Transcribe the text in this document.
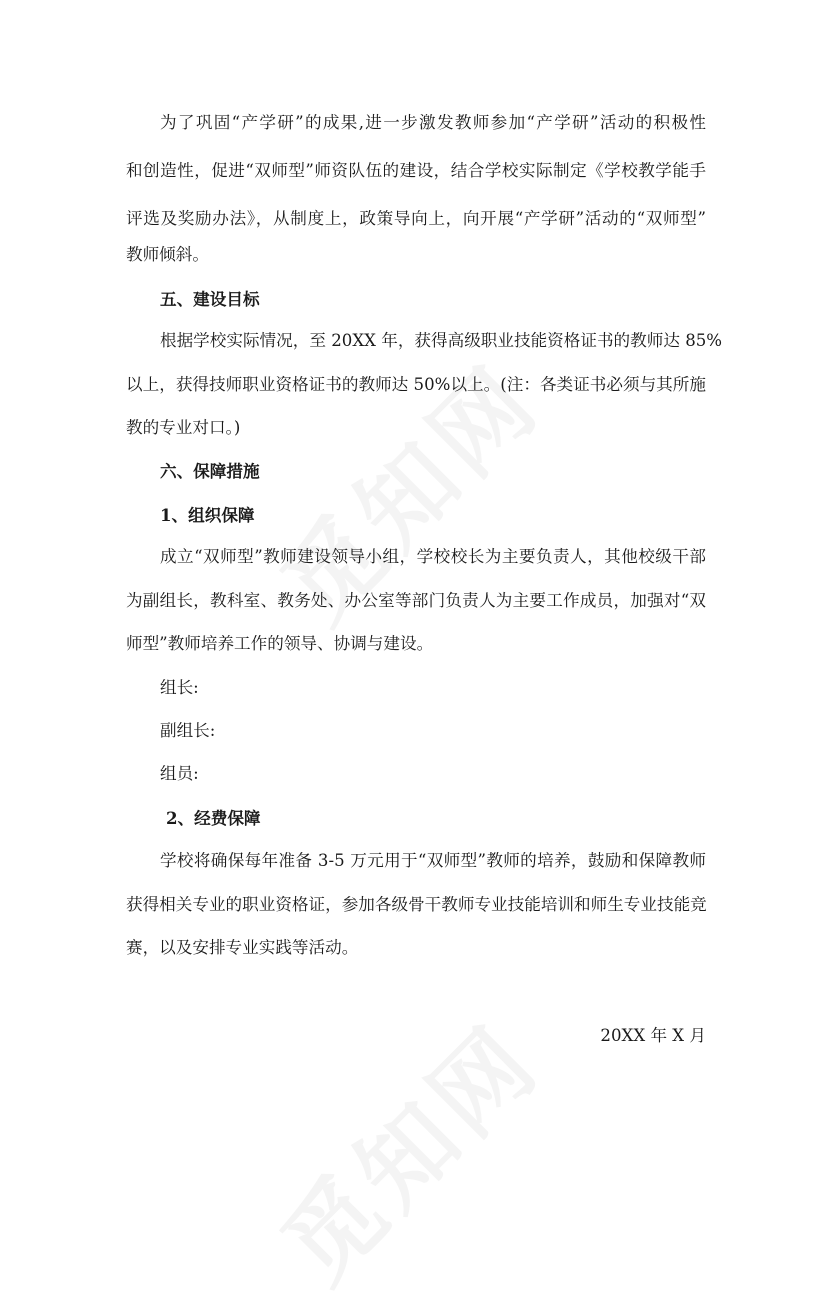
为了巩固“产学研”的成果,进一步激发教师参加“产学研”活动的积极性
和创造性，促进“双师型”师资队伍的建设，结合学校实际制定《学校教学能手
评选及奖励办法》，从制度上，政策导向上，向开展“产学研”活动的“双师型”
教师倾斜。
五、建设目标
根据学校实际情况，至 20XX 年，获得高级职业技能资格证书的教师达 85%
以上，获得技师职业资格证书的教师达 50%以上。(注：各类证书必须与其所施
教的专业对口。)
六、保障措施
1、组织保障
成立“双师型”教师建设领导小组，学校校长为主要负责人，其他校级干部
为副组长，教科室、教务处、办公室等部门负责人为主要工作成员，加强对“双
师型”教师培养工作的领导、协调与建设。
组长:
副组长:
组员:
2、经费保障
学校将确保每年准备 3-5 万元用于“双师型”教师的培养，鼓励和保障教师
获得相关专业的职业资格证，参加各级骨干教师专业技能培训和师生专业技能竞
赛，以及安排专业实践等活动。
20XX 年 X 月
